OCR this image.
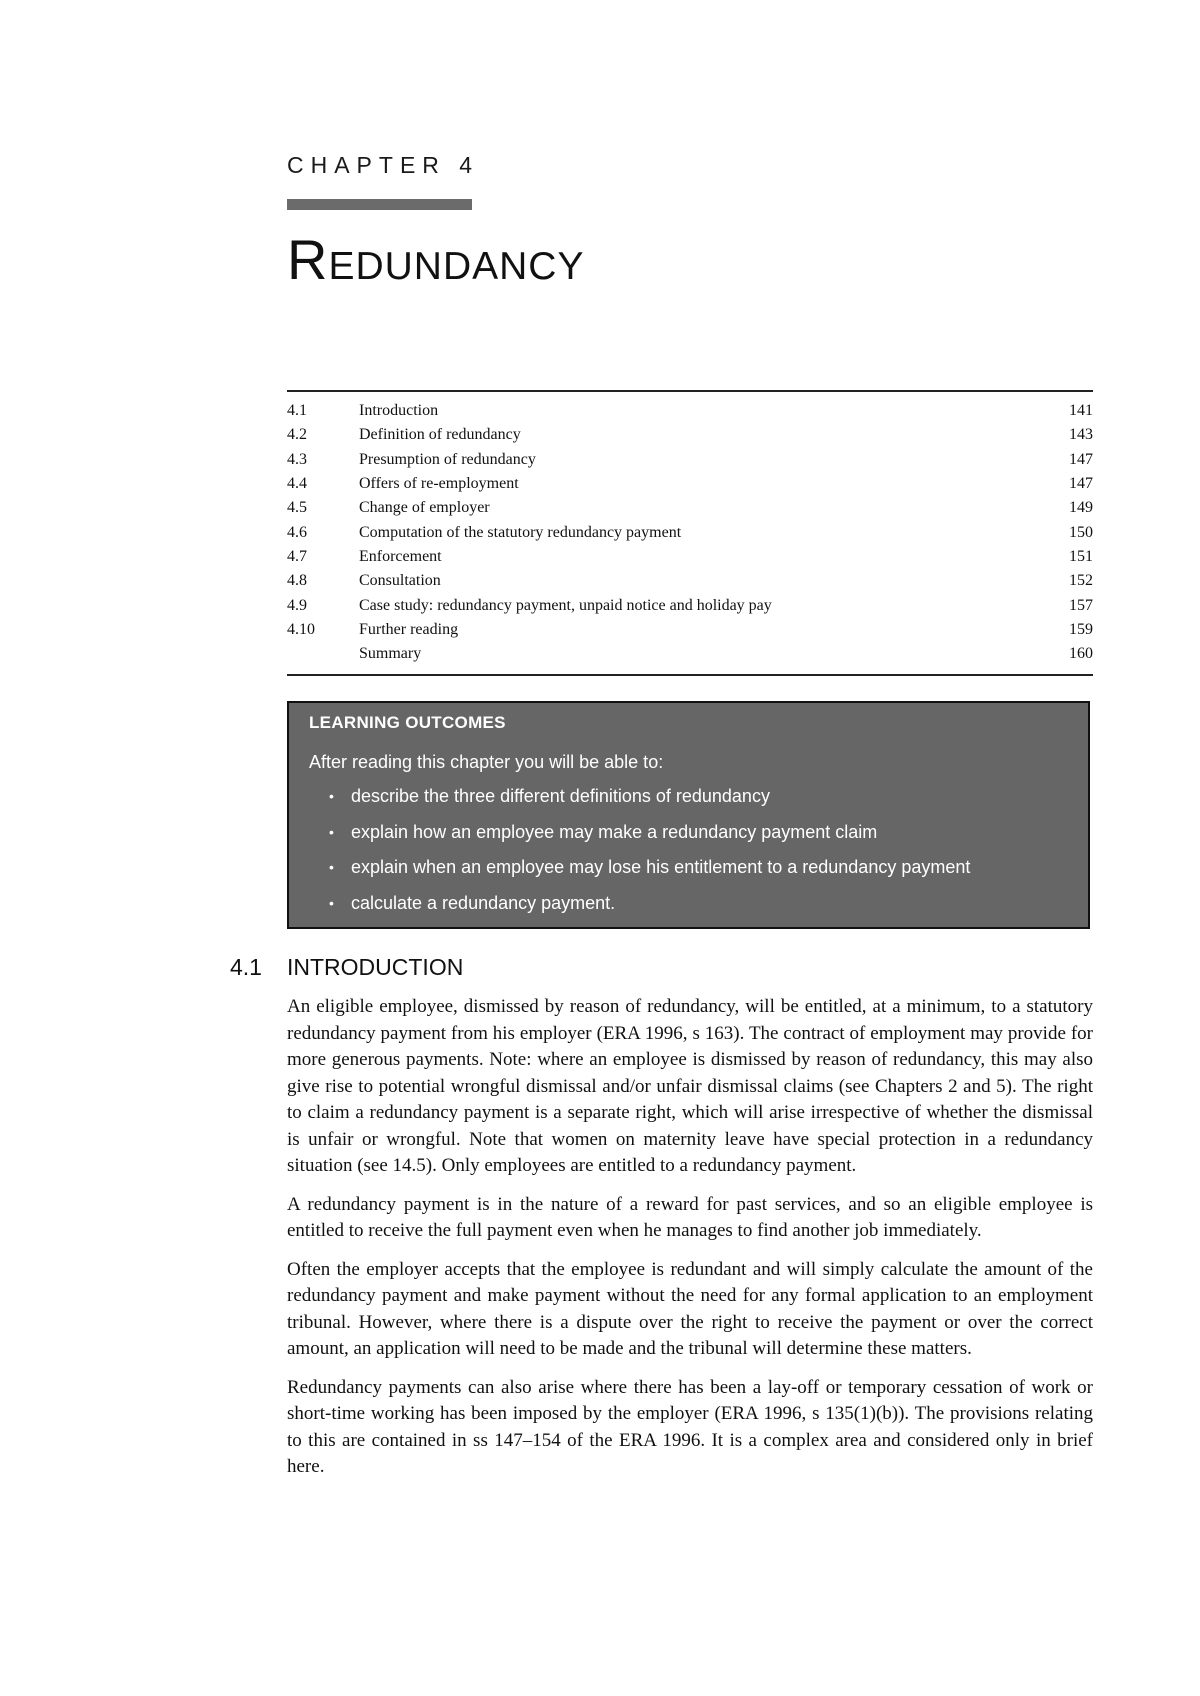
CHAPTER 4
Redundancy
4.1	Introduction	141
4.2	Definition of redundancy	143
4.3	Presumption of redundancy	147
4.4	Offers of re-employment	147
4.5	Change of employer	149
4.6	Computation of the statutory redundancy payment	150
4.7	Enforcement	151
4.8	Consultation	152
4.9	Case study: redundancy payment, unpaid notice and holiday pay	157
4.10	Further reading	159
Summary	160
LEARNING OUTCOMES
After reading this chapter you will be able to:
• describe the three different definitions of redundancy
• explain how an employee may make a redundancy payment claim
• explain when an employee may lose his entitlement to a redundancy payment
• calculate a redundancy payment.
4.1 INTRODUCTION

An eligible employee, dismissed by reason of redundancy, will be entitled, at a minimum, to a statutory redundancy payment from his employer (ERA 1996, s 163). The contract of employment may provide for more generous payments. Note: where an employee is dismissed by reason of redundancy, this may also give rise to potential wrongful dismissal and/or unfair dismissal claims (see Chapters 2 and 5). The right to claim a redundancy payment is a separate right, which will arise irrespective of whether the dismissal is unfair or wrongful. Note that women on maternity leave have special protection in a redundancy situation (see 14.5). Only employees are entitled to a redundancy payment.

A redundancy payment is in the nature of a reward for past services, and so an eligible employee is entitled to receive the full payment even when he manages to find another job immediately.

Often the employer accepts that the employee is redundant and will simply calculate the amount of the redundancy payment and make payment without the need for any formal application to an employment tribunal. However, where there is a dispute over the right to receive the payment or over the correct amount, an application will need to be made and the tribunal will determine these matters.

Redundancy payments can also arise where there has been a lay-off or temporary cessation of work or short-time working has been imposed by the employer (ERA 1996, s 135(1)(b)). The provisions relating to this are contained in ss 147–154 of the ERA 1996. It is a complex area and considered only in brief here.
